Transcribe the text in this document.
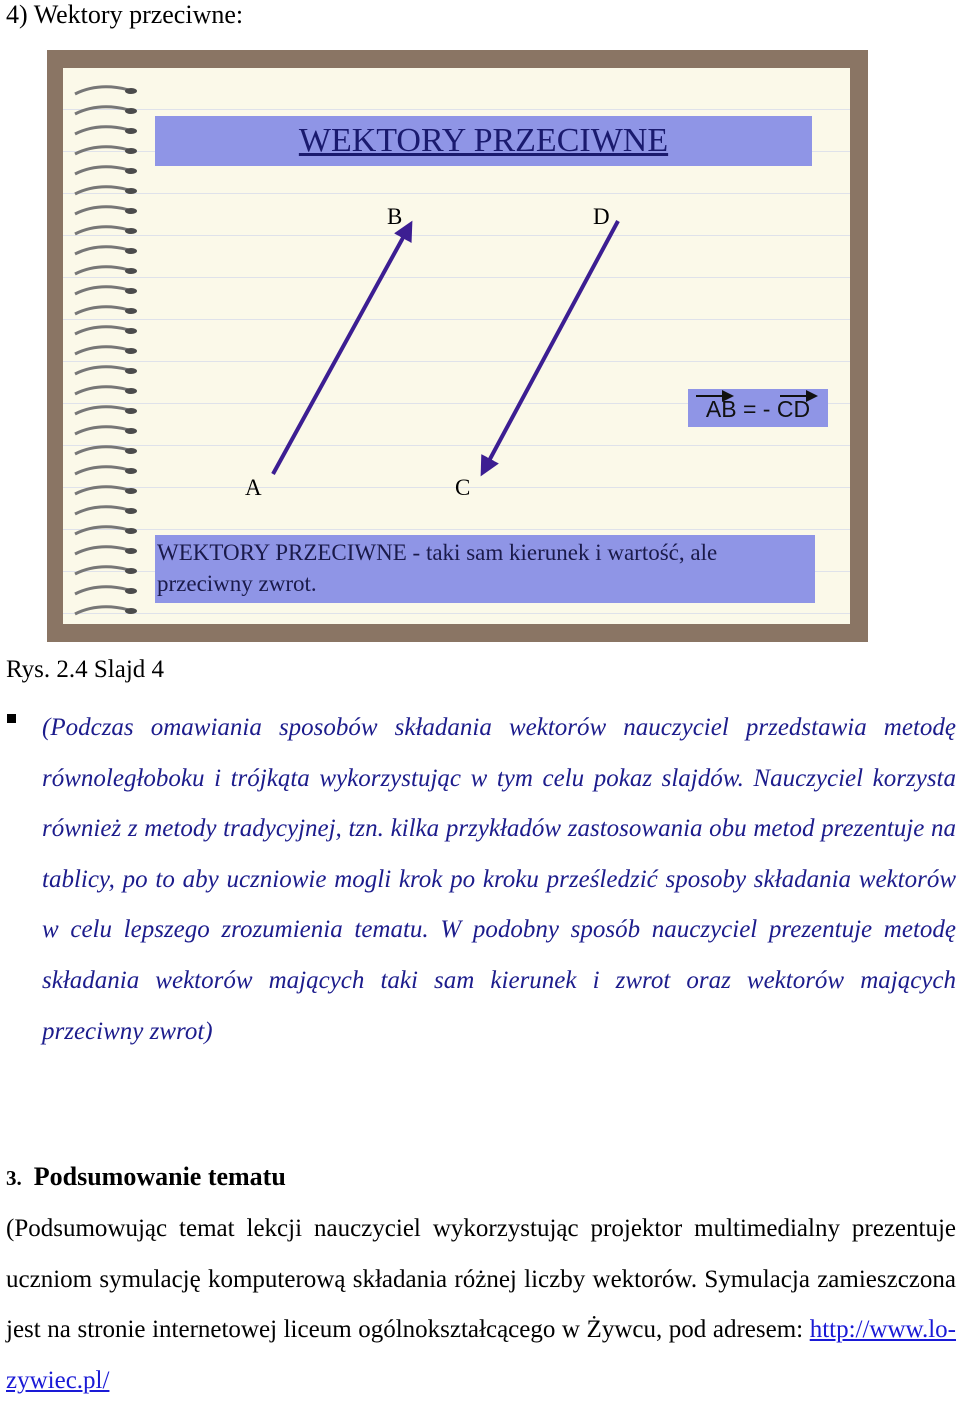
4) Wektory przeciwne:
WEKTORY PRZECIWNE
B	D
A	C
AB = - CD
WEKTORY PRZECIWNE - taki sam kierunek i wartość, ale przeciwny zwrot.
Rys. 2.4 Slajd 4

(Podczas omawiania sposobów składania wektorów nauczyciel przedstawia metodę równoległoboku i trójkąta wykorzystując w tym celu pokaz slajdów. Nauczyciel korzysta również z metody tradycyjnej, tzn. kilka przykładów zastosowania obu metod prezentuje na tablicy, po to aby uczniowie mogli krok po kroku prześledzić sposoby składania wektorów w celu lepszego zrozumienia tematu. W podobny sposób nauczyciel prezentuje metodę składania wektorów mających taki sam kierunek i zwrot oraz wektorów mających przeciwny zwrot)

3. Podsumowanie tematu

(Podsumowując temat lekcji nauczyciel wykorzystując projektor multimedialny prezentuje uczniom symulację komputerową składania różnej liczby wektorów. Symulacja zamieszczona jest na stronie internetowej liceum ogólnokształcącego w Żywcu, pod adresem: http://www.lo-zywiec.pl/
